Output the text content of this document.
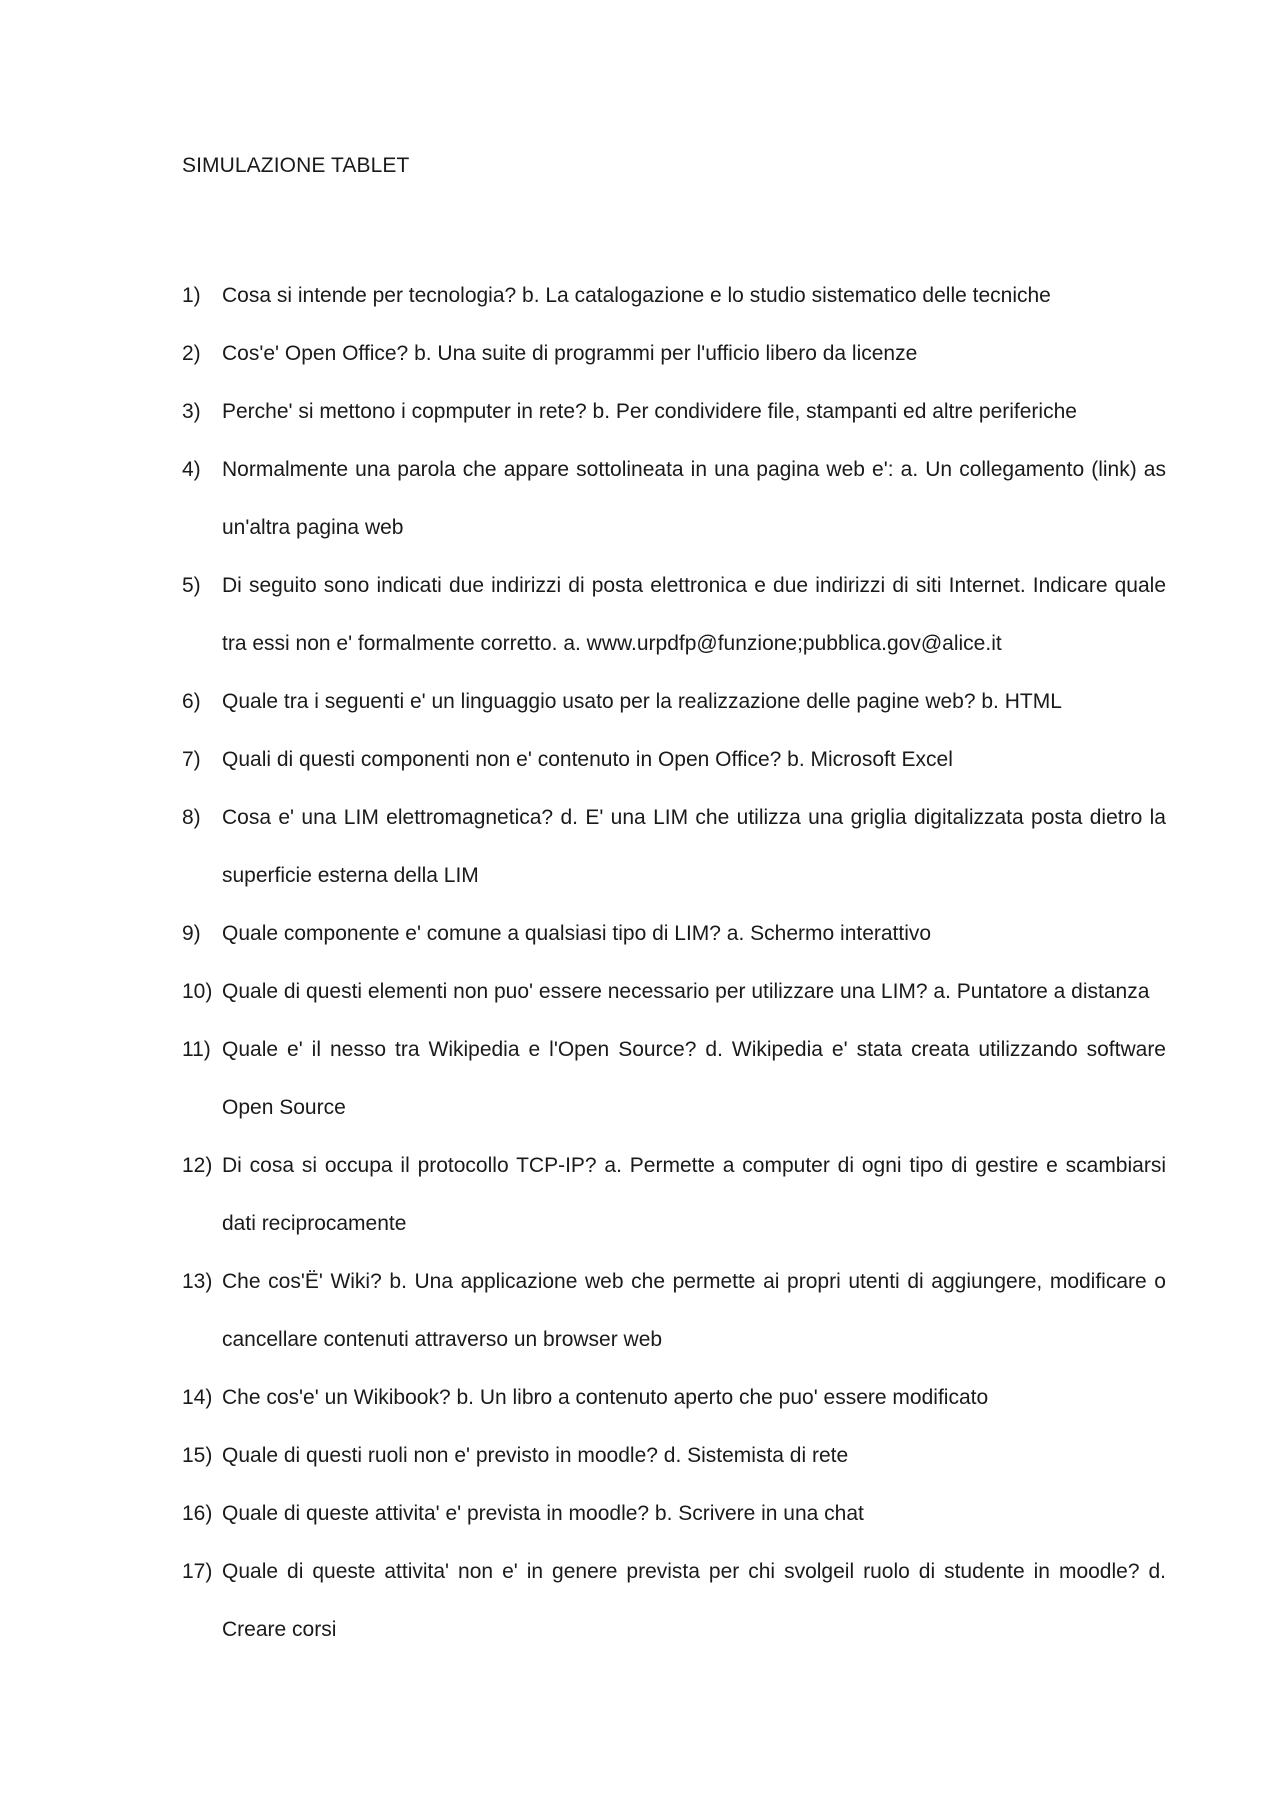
SIMULAZIONE TABLET
1)	Cosa si intende per tecnologia? b. La catalogazione e lo studio sistematico delle tecniche
2)	Cos'e' Open Office? b. Una suite di programmi per l'ufficio libero da licenze
3)	Perche' si mettono i copmputer in rete? b. Per condividere file, stampanti ed altre periferiche
4)	Normalmente una parola che appare sottolineata in una pagina web e': a. Un collegamento (link) as un'altra pagina web
5)	Di seguito sono indicati due indirizzi di posta elettronica e due indirizzi di siti Internet. Indicare quale tra essi non e' formalmente corretto. a. www.urpdfp@funzione;pubblica.gov@alice.it
6)	Quale tra i seguenti e' un linguaggio usato per la realizzazione delle pagine web? b. HTML
7)	Quali di questi componenti non e' contenuto in Open Office? b. Microsoft Excel
8)	Cosa e' una LIM elettromagnetica? d. E' una LIM che utilizza una griglia digitalizzata posta dietro la superficie esterna della LIM
9)	Quale componente e' comune a qualsiasi tipo di LIM? a. Schermo interattivo
10) Quale di questi elementi non puo' essere necessario per utilizzare una LIM? a. Puntatore a distanza
11) Quale e' il nesso tra Wikipedia e l'Open Source? d. Wikipedia e' stata creata utilizzando software Open Source
12) Di cosa si occupa il protocollo TCP-IP? a. Permette a computer di ogni tipo di gestire e scambiarsi dati reciprocamente
13) Che cos'Ë' Wiki? b. Una applicazione web che permette ai propri utenti di aggiungere, modificare o cancellare contenuti attraverso un browser web
14) Che cos'e' un Wikibook? b. Un libro a contenuto aperto che puo' essere modificato
15) Quale di questi ruoli non e' previsto in moodle? d. Sistemista di rete
16) Quale di queste attivita' e' prevista in moodle? b. Scrivere in una chat
17) Quale di queste attivita' non e' in genere prevista per chi svolgeil ruolo di studente in moodle? d. Creare corsi
